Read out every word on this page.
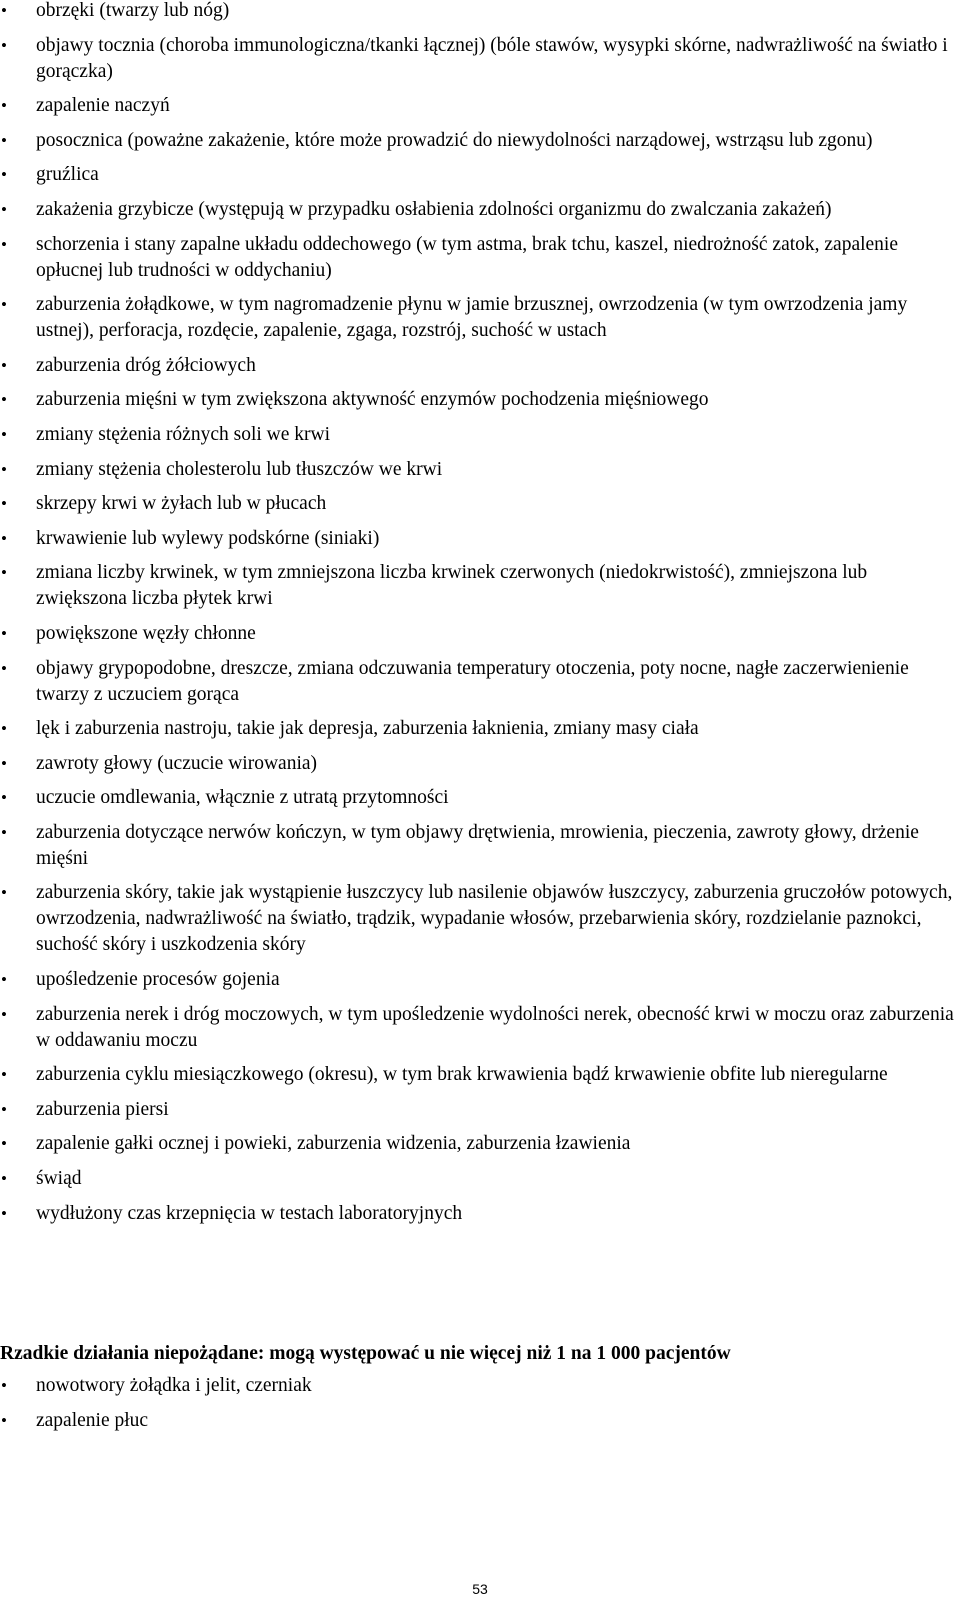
•	obrzęki (twarzy lub nóg)
•	objawy tocznia (choroba immunologiczna/tkanki łącznej) (bóle stawów, wysypki skórne, nadwrażliwość na światło i gorączka)
•	zapalenie naczyń
•	posocznica (poważne zakażenie, które może prowadzić do niewydolności narządowej, wstrząsu lub zgonu)
•	gruźlica
•	zakażenia grzybicze (występują w przypadku osłabienia zdolności organizmu do zwalczania zakażeń)
•	schorzenia i stany zapalne układu oddechowego (w tym astma, brak tchu, kaszel, niedrożność zatok, zapalenie opłucnej lub trudności w oddychaniu)
•	zaburzenia żołądkowe, w tym nagromadzenie płynu w jamie brzusznej, owrzodzenia (w tym owrzodzenia jamy ustnej), perforacja, rozdęcie, zapalenie, zgaga, rozstrój, suchość w ustach
•	zaburzenia dróg żółciowych
•	zaburzenia mięśni w tym zwiększona aktywność enzymów pochodzenia mięśniowego
•	zmiany stężenia różnych soli we krwi
•	zmiany stężenia cholesterolu lub tłuszczów we krwi
•	skrzepy krwi w żyłach lub w płucach
•	krwawienie lub wylewy podskórne (siniaki)
•	zmiana liczby krwinek, w tym zmniejszona liczba krwinek czerwonych (niedokrwistość), zmniejszona lub zwiększona liczba płytek krwi
•	powiększone węzły chłonne
•	objawy grypopodobne, dreszcze, zmiana odczuwania temperatury otoczenia, poty nocne, nagłe zaczerwienienie twarzy z uczuciem gorąca
•	lęk i zaburzenia nastroju, takie jak depresja, zaburzenia łaknienia, zmiany masy ciała
•	zawroty głowy (uczucie wirowania)
•	uczucie omdlewania, włącznie z utratą przytomności
•	zaburzenia dotyczące nerwów kończyn, w tym objawy drętwienia, mrowienia, pieczenia, zawroty głowy, drżenie mięśni
•	zaburzenia skóry, takie jak wystąpienie łuszczycy lub nasilenie objawów łuszczycy, zaburzenia gruczołów potowych, owrzodzenia, nadwrażliwość na światło, trądzik, wypadanie włosów, przebarwienia skóry, rozdzielanie paznokci, suchość skóry i uszkodzenia skóry
•	upośledzenie procesów gojenia
•	zaburzenia nerek i dróg moczowych, w tym upośledzenie wydolności nerek, obecność krwi w moczu oraz zaburzenia w oddawaniu moczu
•	zaburzenia cyklu miesiączkowego (okresu), w tym brak krwawienia bądź krwawienie obfite lub nieregularne
•	zaburzenia piersi
•	zapalenie gałki ocznej i powieki, zaburzenia widzenia, zaburzenia łzawienia
•	świąd
•	wydłużony czas krzepnięcia w testach laboratoryjnych
Rzadkie działania niepożądane: mogą występować u nie więcej niż 1 na 1 000 pacjentów
•	nowotwory żołądka i jelit, czerniak
•	zapalenie płuc
53
